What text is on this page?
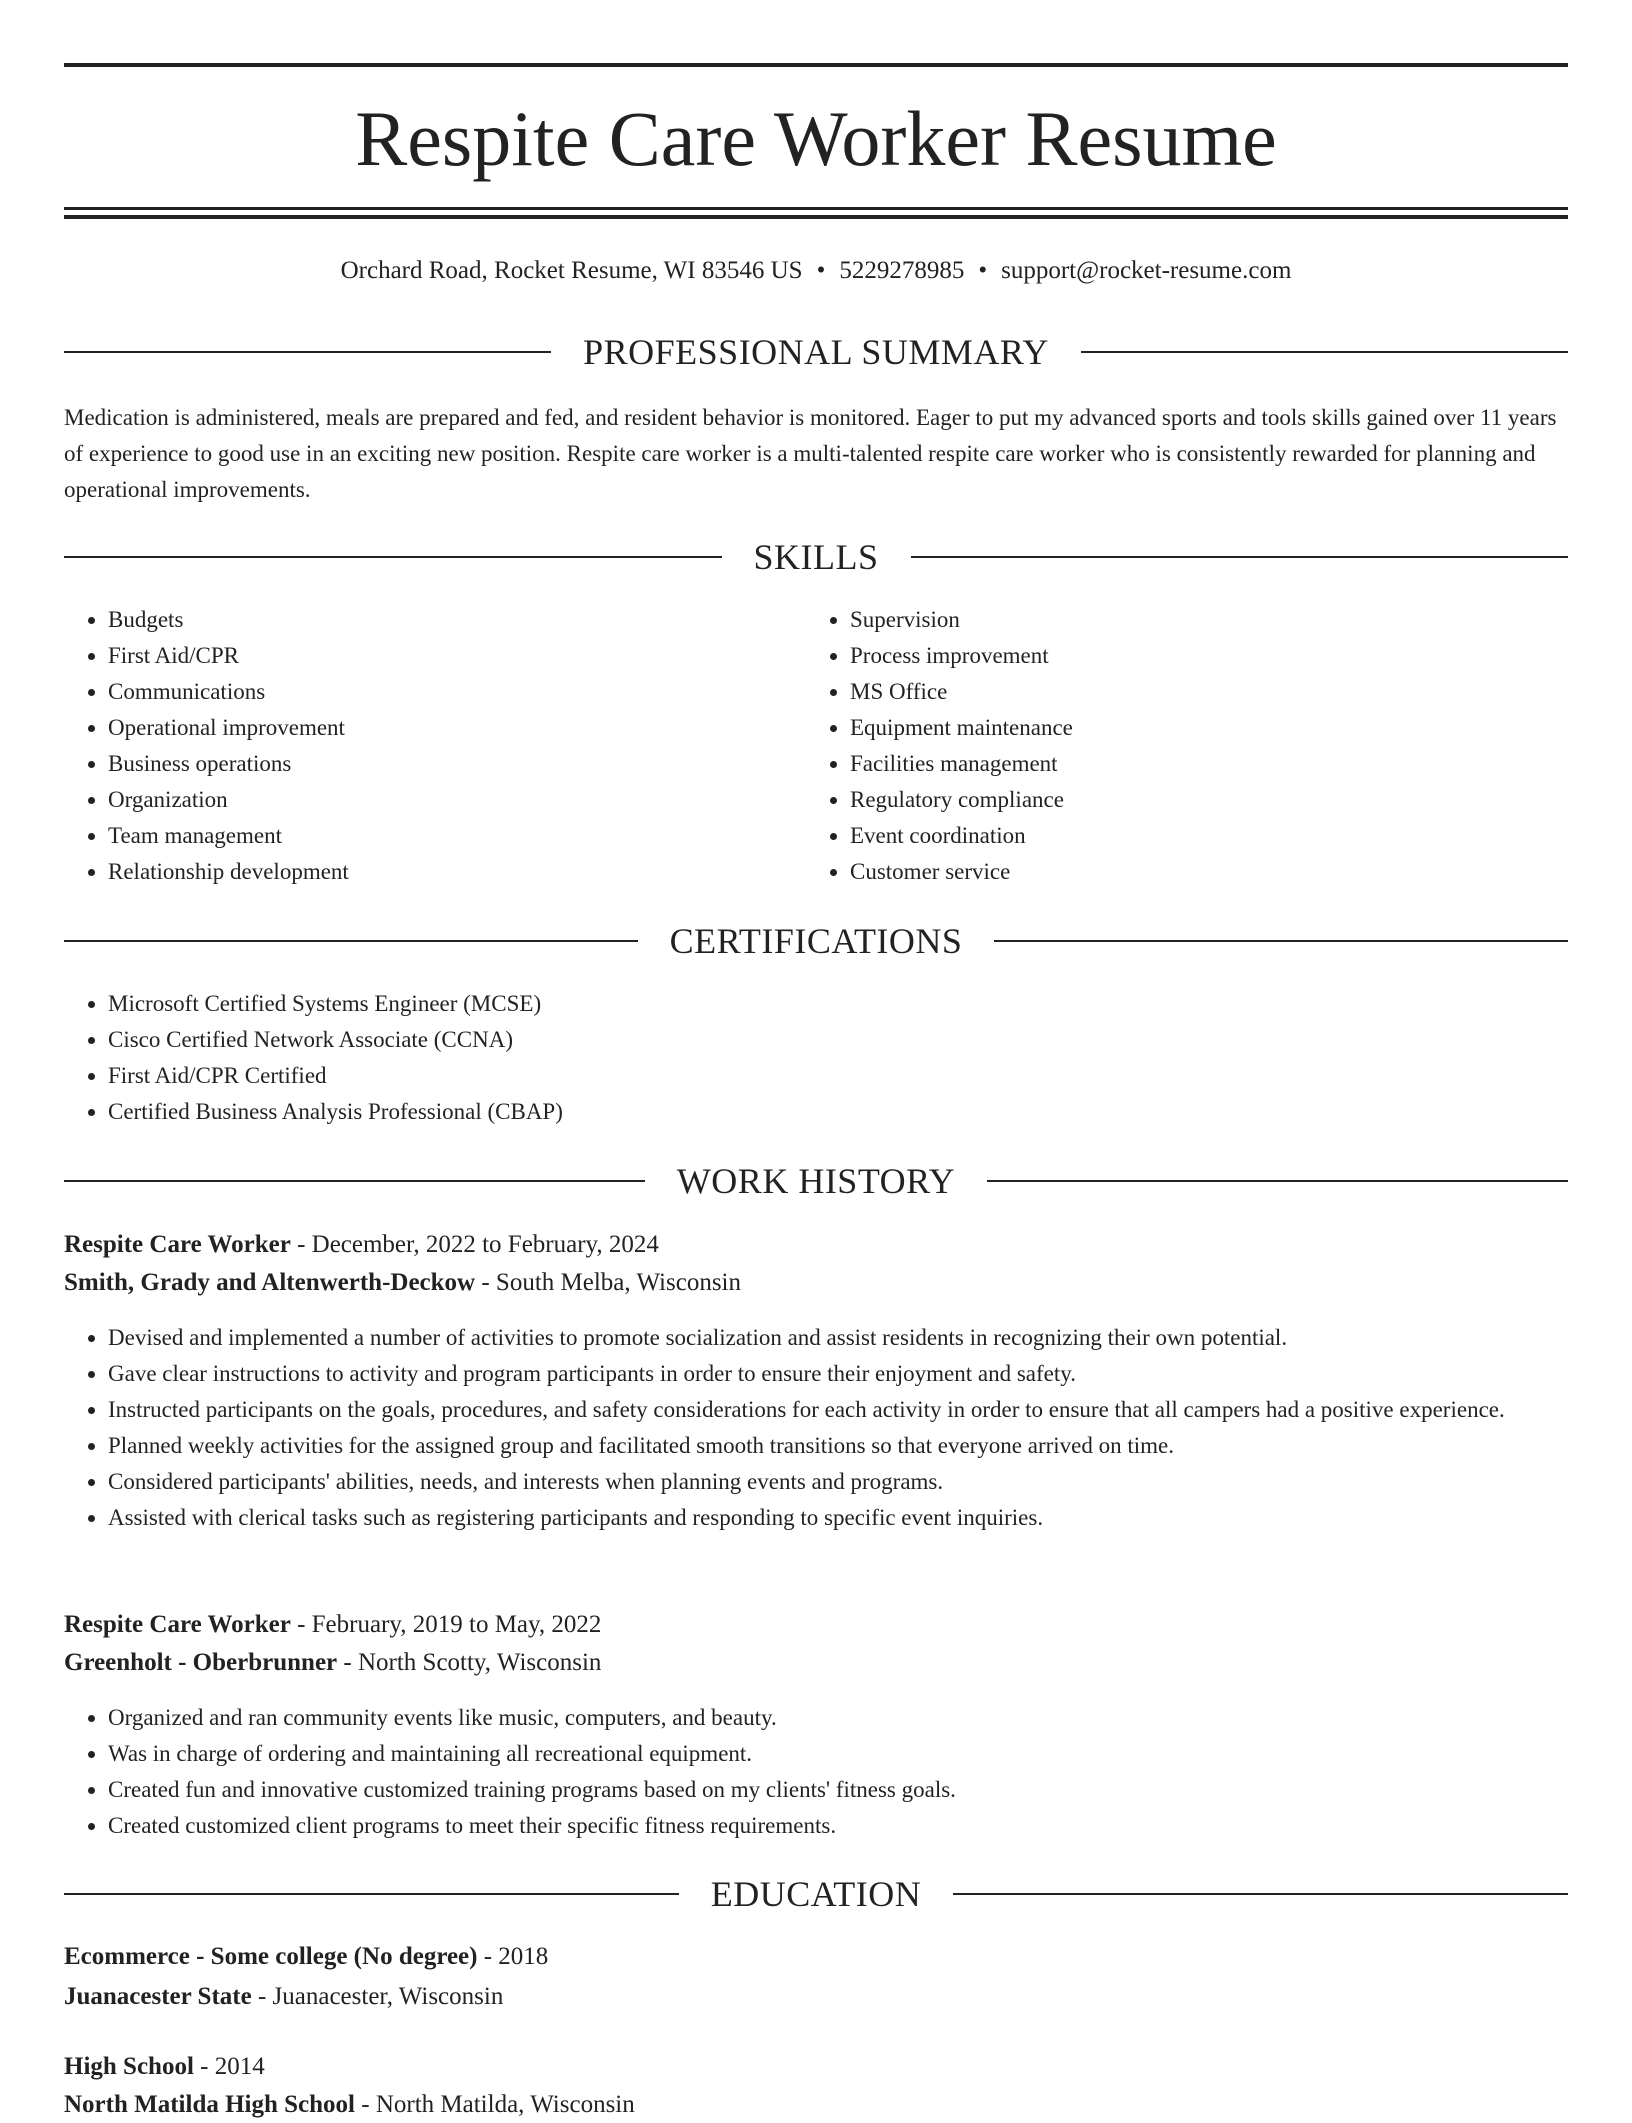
Respite Care Worker Resume
Orchard Road, Rocket Resume, WI 83546 US • 5229278985 • support@rocket-resume.com
PROFESSIONAL SUMMARY
Medication is administered, meals are prepared and fed, and resident behavior is monitored. Eager to put my advanced sports and tools skills gained over 11 years of experience to good use in an exciting new position. Respite care worker is a multi-talented respite care worker who is consistently rewarded for planning and operational improvements.
SKILLS
• Budgets
• First Aid/CPR
• Communications
• Operational improvement
• Business operations
• Organization
• Team management
• Relationship development
• Supervision
• Process improvement
• MS Office
• Equipment maintenance
• Facilities management
• Regulatory compliance
• Event coordination
• Customer service
CERTIFICATIONS
• Microsoft Certified Systems Engineer (MCSE)
• Cisco Certified Network Associate (CCNA)
• First Aid/CPR Certified
• Certified Business Analysis Professional (CBAP)
WORK HISTORY
Respite Care Worker - December, 2022 to February, 2024
Smith, Grady and Altenwerth-Deckow - South Melba, Wisconsin
• Devised and implemented a number of activities to promote socialization and assist residents in recognizing their own potential.
• Gave clear instructions to activity and program participants in order to ensure their enjoyment and safety.
• Instructed participants on the goals, procedures, and safety considerations for each activity in order to ensure that all campers had a positive experience.
• Planned weekly activities for the assigned group and facilitated smooth transitions so that everyone arrived on time.
• Considered participants' abilities, needs, and interests when planning events and programs.
• Assisted with clerical tasks such as registering participants and responding to specific event inquiries.
Respite Care Worker - February, 2019 to May, 2022
Greenholt - Oberbrunner - North Scotty, Wisconsin
• Organized and ran community events like music, computers, and beauty.
• Was in charge of ordering and maintaining all recreational equipment.
• Created fun and innovative customized training programs based on my clients' fitness goals.
• Created customized client programs to meet their specific fitness requirements.
EDUCATION
Ecommerce - Some college (No degree) - 2018
Juanacester State - Juanacester, Wisconsin
High School - 2014
North Matilda High School - North Matilda, Wisconsin
